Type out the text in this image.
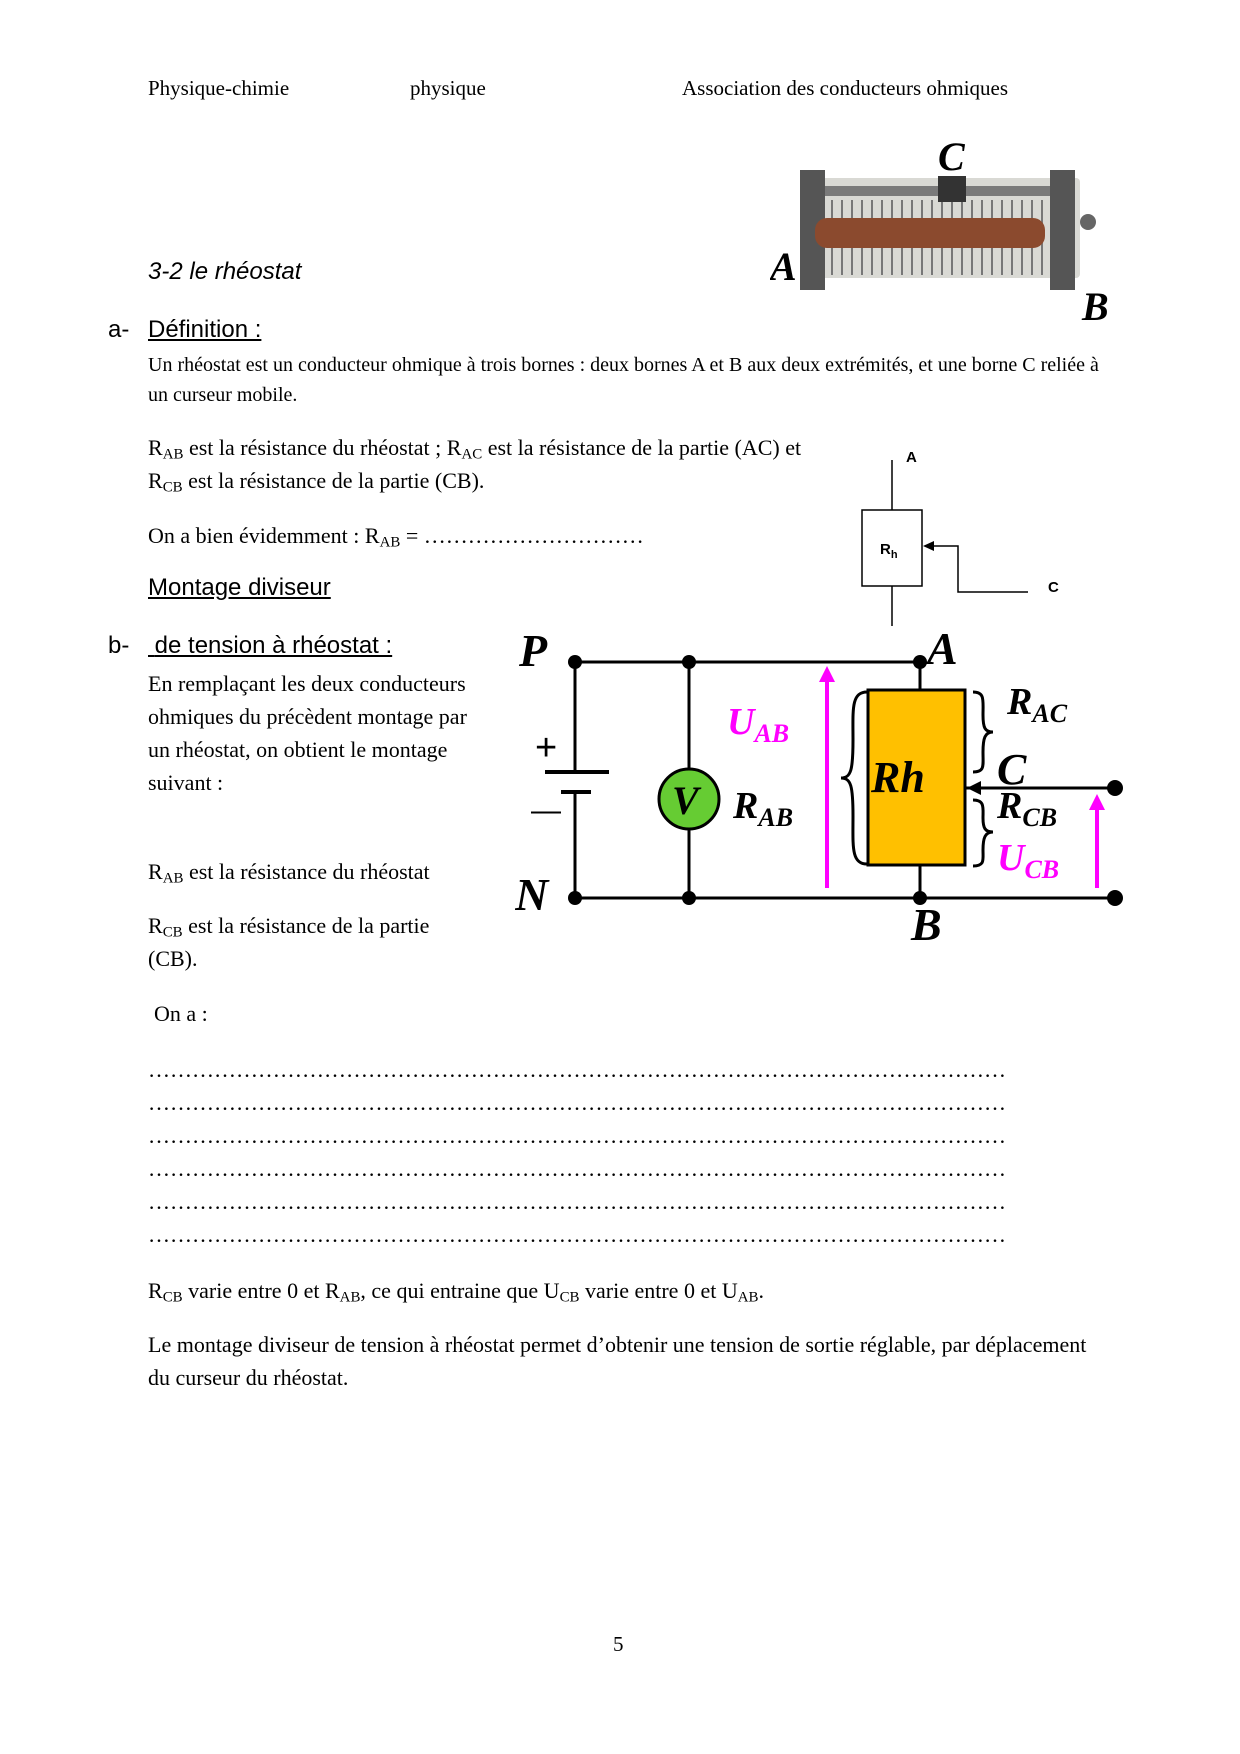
Physique-chimie	physique	Association des conducteurs ohmiques
C
A
B
3-2 le rhéostat
a- Définition :
Un rhéostat est un conducteur ohmique à trois bornes : deux bornes A et B aux deux extrémités, et une borne C reliée à un curseur mobile.
$R_{AB}$ est la résistance du rhéostat ; $R_{AC}$ est la résistance de la partie (AC) et $R_{CB}$ est la résistance de la partie (CB).
On a bien évidemment : $R_{AB}$ = …………………………
A
$R_h$
C
Montage diviseur
b- de tension à rhéostat :
En remplaçant les deux conducteurs ohmiques du précèdent montage par un rhéostat, on obtient le montage suivant :
$R_{AB}$ est la résistance du rhéostat
$R_{CB}$ est la résistance de la partie (CB).
On a :
+
—	V	Rh
P
N
A
B
C
$U_{AB}$
$R_{AB}$
$R_{AC}$
$R_{CB}$
$U_{CB}$
………………………………………………………………………………………………………
………………………………………………………………………………………………………
………………………………………………………………………………………………………
………………………………………………………………………………………………………
………………………………………………………………………………………………………
………………………………………………………………………………………………………
$R_{CB}$ varie entre 0 et $R_{AB}$, ce qui entraine que $U_{CB}$ varie entre 0 et $U_{AB}$.
Le montage diviseur de tension à rhéostat permet d’obtenir une tension de sortie réglable, par déplacement du curseur du rhéostat.
5
